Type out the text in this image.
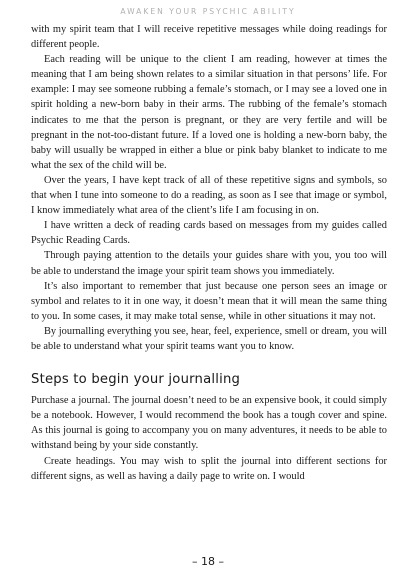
AWAKEN YOUR PSYCHIC ABILITY

with my spirit team that I will receive repetitive messages while doing readings for different people.

Each reading will be unique to the client I am reading, however at times the meaning that I am being shown relates to a similar situation in that persons’ life. For example: I may see someone rubbing a female’s stomach, or I may see a loved one in spirit holding a new-born baby in their arms. The rubbing of the female’s stomach indicates to me that the person is pregnant, or they are very fertile and will be pregnant in the not-too-distant future. If a loved one is holding a new-born baby, the baby will usually be wrapped in either a blue or pink baby blanket to indicate to me what the sex of the child will be.

Over the years, I have kept track of all of these repetitive signs and symbols, so that when I tune into someone to do a reading, as soon as I see that image or symbol, I know immediately what area of the client’s life I am focusing in on.

I have written a deck of reading cards based on messages from my guides called Psychic Reading Cards.

Through paying attention to the details your guides share with you, you too will be able to understand the image your spirit team shows you immediately.

It’s also important to remember that just because one person sees an image or symbol and relates to it in one way, it doesn’t mean that it will mean the same thing to you. In some cases, it may make total sense, while in other situations it may not.

By journalling everything you see, hear, feel, experience, smell or dream, you will be able to understand what your spirit teams want you to know.

Steps to begin your journalling

Purchase a journal. The journal doesn’t need to be an expensive book, it could simply be a notebook. However, I would recommend the book has a tough cover and spine. As this journal is going to accompany you on many adventures, it needs to be able to withstand being by your side constantly.

Create headings. You may wish to split the journal into different sections for different signs, as well as having a daily page to write on. I would

– 18 –
